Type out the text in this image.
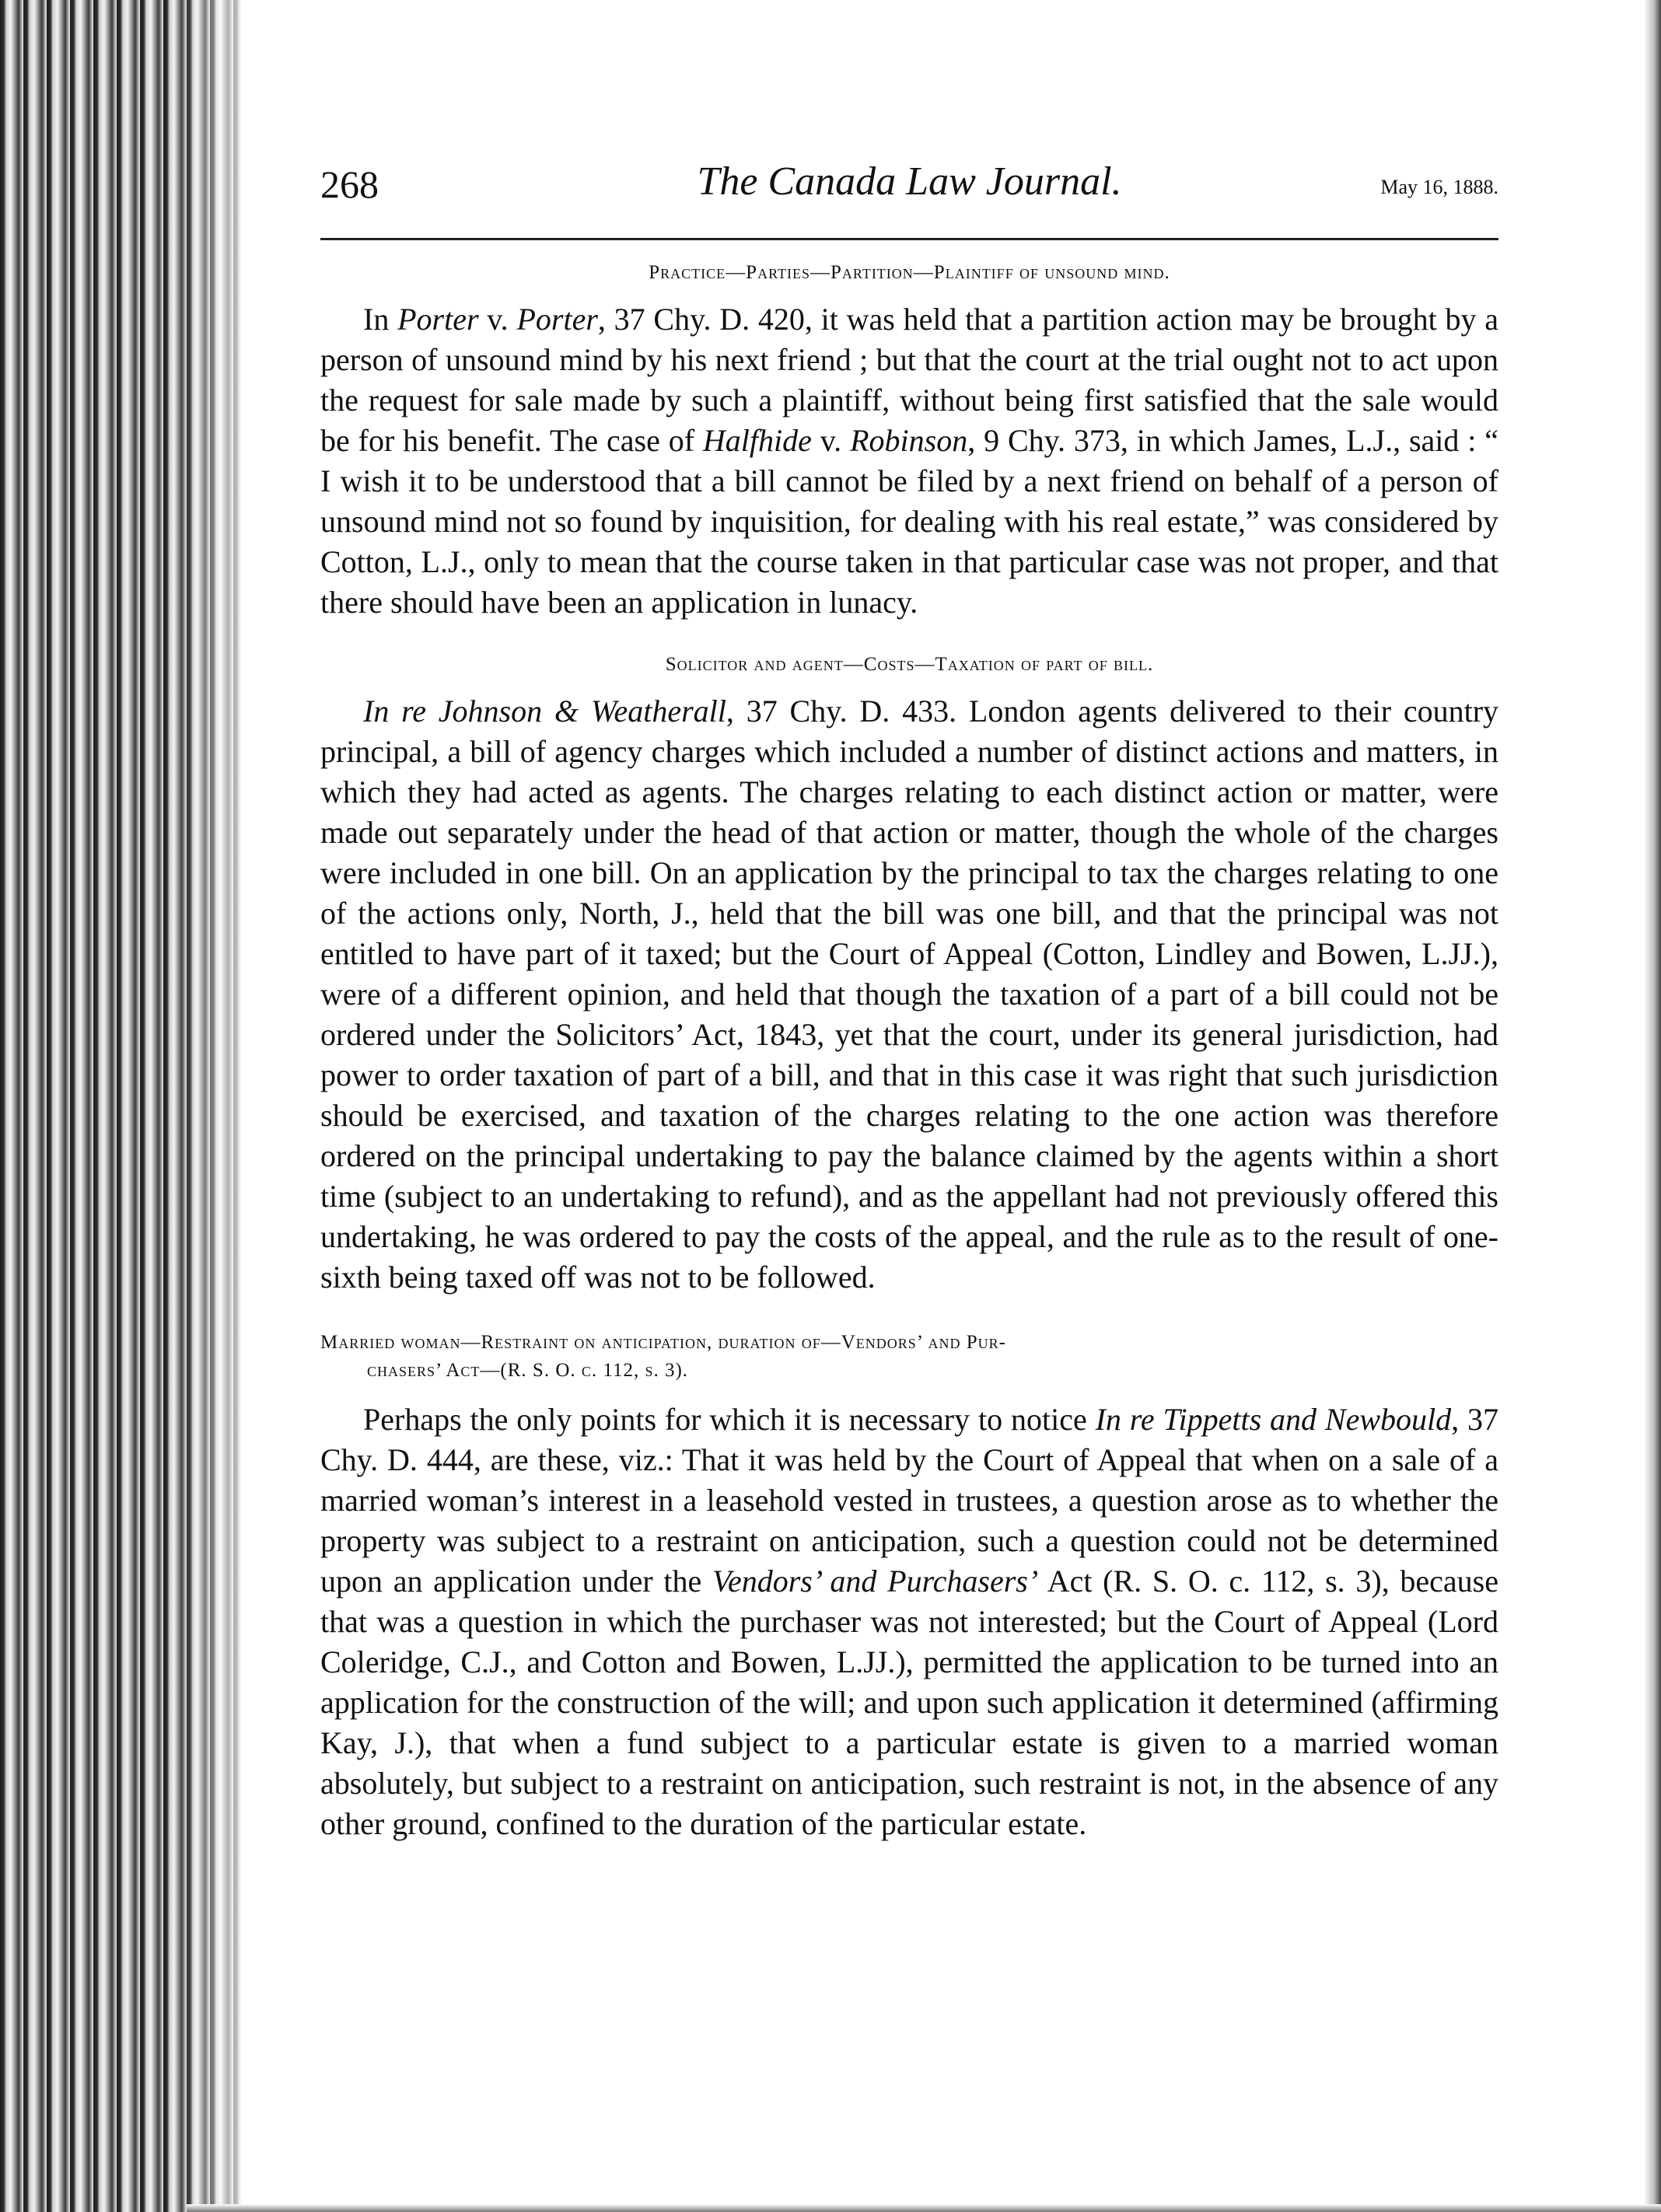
268	The Canada Law Journal.	May 16, 1888.
Practice—Parties—Partition—Plaintiff of unsound mind.

In Porter v. Porter, 37 Chy. D. 420, it was held that a partition action may be brought by a person of unsound mind by his next friend ; but that the court at the trial ought not to act upon the request for sale made by such a plaintiff, without being first satisfied that the sale would be for his benefit. The case of Halfhide v. Robinson, 9 Chy. 373, in which James, L.J., said : “ I wish it to be understood that a bill cannot be filed by a next friend on behalf of a person of unsound mind not so found by inquisition, for dealing with his real estate,” was considered by Cotton, L.J., only to mean that the course taken in that particular case was not proper, and that there should have been an application in lunacy.

Solicitor and agent—Costs—Taxation of part of bill.

In re Johnson & Weatherall, 37 Chy. D. 433. London agents delivered to their country principal, a bill of agency charges which included a number of distinct actions and matters, in which they had acted as agents. The charges relating to each distinct action or matter, were made out separately under the head of that action or matter, though the whole of the charges were included in one bill. On an application by the principal to tax the charges relating to one of the actions only, North, J., held that the bill was one bill, and that the principal was not entitled to have part of it taxed; but the Court of Appeal (Cotton, Lindley and Bowen, L.JJ.), were of a different opinion, and held that though the taxation of a part of a bill could not be ordered under the Solicitors’ Act, 1843, yet that the court, under its general jurisdiction, had power to order taxation of part of a bill, and that in this case it was right that such jurisdiction should be exercised, and taxation of the charges relating to the one action was therefore ordered on the principal undertaking to pay the balance claimed by the agents within a short time (subject to an undertaking to refund), and as the appellant had not previously offered this undertaking, he was ordered to pay the costs of the appeal, and the rule as to the result of one-sixth being taxed off was not to be followed.

Married woman—Restraint on anticipation, duration of—Vendors’ and Pur-
chasers’ Act—(R. S. O. c. 112, s. 3).

Perhaps the only points for which it is necessary to notice In re Tippetts and Newbould, 37 Chy. D. 444, are these, viz.: That it was held by the Court of Appeal that when on a sale of a married woman’s interest in a leasehold vested in trustees, a question arose as to whether the property was subject to a restraint on anticipation, such a question could not be determined upon an application under the Vendors’ and Purchasers’ Act (R. S. O. c. 112, s. 3), because that was a question in which the purchaser was not interested; but the Court of Appeal (Lord Coleridge, C.J., and Cotton and Bowen, L.JJ.), permitted the application to be turned into an application for the construction of the will; and upon such application it determined (affirming Kay, J.), that when a fund subject to a particular estate is given to a married woman absolutely, but subject to a restraint on anticipation, such restraint is not, in the absence of any other ground, confined to the duration of the particular estate.
